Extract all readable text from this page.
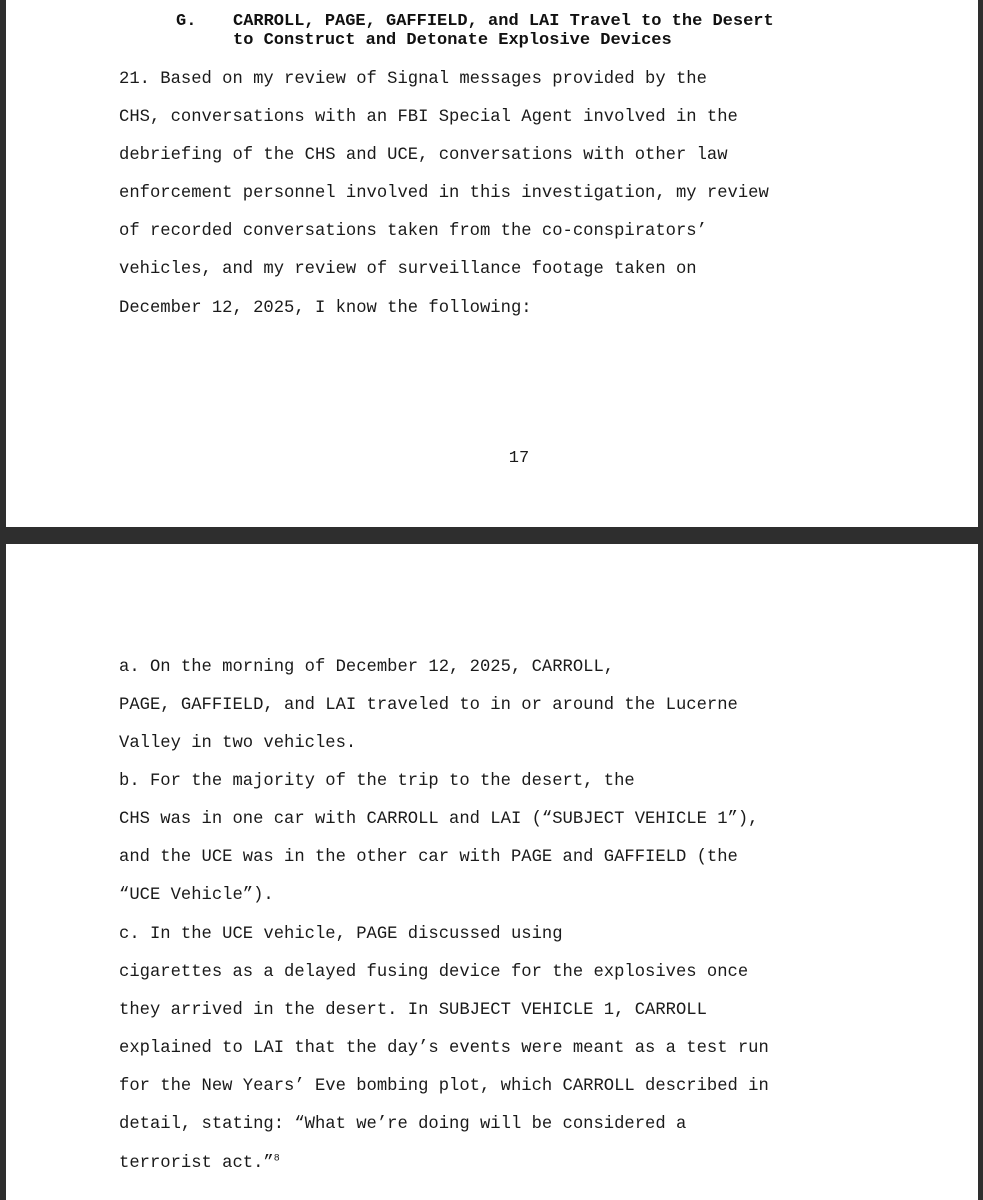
G. CARROLL, PAGE, GAFFIELD, and LAI Travel to the Desert
to Construct and Detonate Explosive Devices

21. Based on my review of Signal messages provided by the
CHS, conversations with an FBI Special Agent involved in the
debriefing of the CHS and UCE, conversations with other law
enforcement personnel involved in this investigation, my review
of recorded conversations taken from the co-conspirators’
vehicles, and my review of surveillance footage taken on
December 12, 2025, I know the following:

17

a. On the morning of December 12, 2025, CARROLL,
PAGE, GAFFIELD, and LAI traveled to in or around the Lucerne
Valley in two vehicles.

b. For the majority of the trip to the desert, the
CHS was in one car with CARROLL and LAI (“SUBJECT VEHICLE 1”),
and the UCE was in the other car with PAGE and GAFFIELD (the
“UCE Vehicle”).

c. In the UCE vehicle, PAGE discussed using
cigarettes as a delayed fusing device for the explosives once
they arrived in the desert. In SUBJECT VEHICLE 1, CARROLL
explained to LAI that the day’s events were meant as a test run
for the New Years’ Eve bombing plot, which CARROLL described in
detail, stating: “What we’re doing will be considered a
terrorist act.”$^8$
